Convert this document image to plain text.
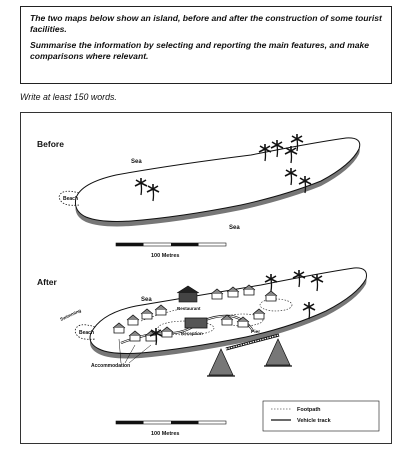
The two maps below show an island, before and after the construction of some tourist facilities.

Summarise the information by selecting and reporting the main features, and make comparisons where relevant.

Write at least 150 words.
Before
Beach
Sea
Sea
100 Metres
After
Beach
Swimming
Sea
Restaurant
Reception	Pier
Accommodation
Footpath
Vehicle track
100 Metres
